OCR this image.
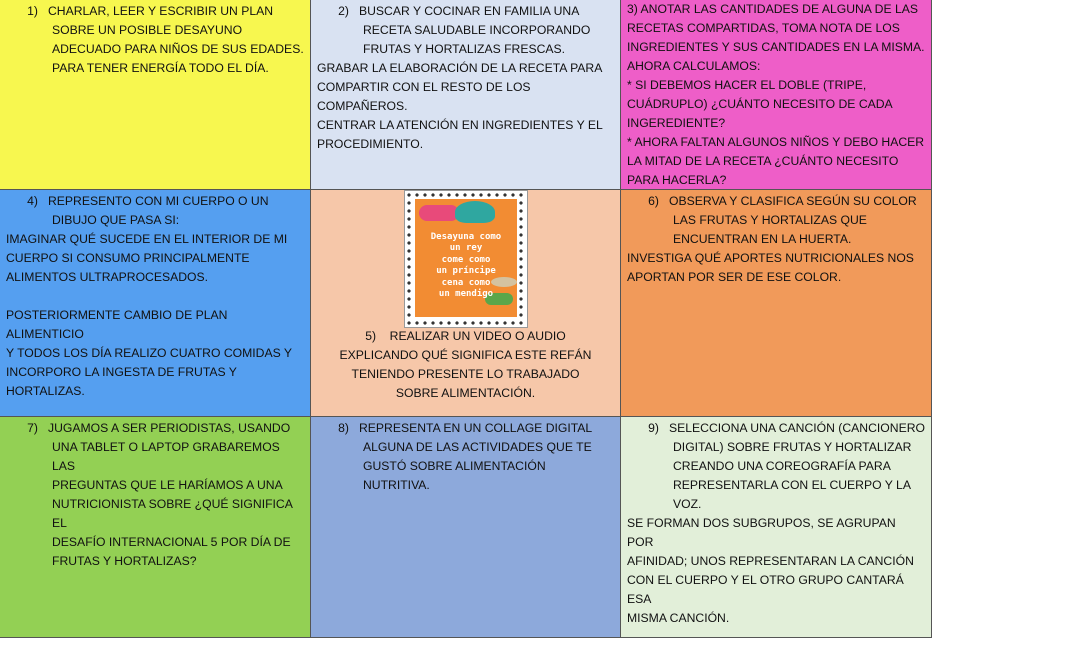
1) CHARLAR, LEER Y ESCRIBIR UN PLAN

SOBRE UN POSIBLE DESAYUNO

ADECUADO PARA NIÑOS DE SUS EDADES.

PARA TENER ENERGÍA TODO EL DÍA.

2) BUSCAR Y COCINAR EN FAMILIA UNA

RECETA SALUDABLE INCORPORANDO

FRUTAS Y HORTALIZAS FRESCAS.

GRABAR LA ELABORACIÓN DE LA RECETA PARA

COMPARTIR CON EL RESTO DE LOS COMPAÑEROS.

CENTRAR LA ATENCIÓN EN INGREDIENTES Y EL

PROCEDIMIENTO.

3) ANOTAR LAS CANTIDADES DE ALGUNA DE LAS

RECETAS COMPARTIDAS, TOMA NOTA DE LOS

INGREDIENTES Y SUS CANTIDADES EN LA MISMA.

AHORA CALCULAMOS:

* SI DEBEMOS HACER EL DOBLE (TRIPE,

CUÁDRUPLO) ¿CUÁNTO NECESITO DE CADA

INGEREDIENTE?

* AHORA FALTAN ALGUNOS NIÑOS Y DEBO HACER

LA MITAD DE LA RECETA ¿CUÁNTO NECESITO

PARA HACERLA?

4) REPRESENTO CON MI CUERPO O UN

DIBUJO QUE PASA SI:

IMAGINAR QUÉ SUCEDE EN EL INTERIOR DE MI

CUERPO SI CONSUMO PRINCIPALMENTE

ALIMENTOS ULTRAPROCESADOS.

POSTERIORMENTE CAMBIO DE PLAN ALIMENTICIO

Y TODOS LOS DÍA REALIZO CUATRO COMIDAS Y

INCORPORO LA INGESTA DE FRUTAS Y

HORTALIZAS.

5) REALIZAR UN VIDEO O AUDIO

EXPLICANDO QUÉ SIGNIFICA ESTE REFÁN

TENIENDO PRESENTE LO TRABAJADO

SOBRE ALIMENTACIÓN.

6) OBSERVA Y CLASIFICA SEGÚN SU COLOR

LAS FRUTAS Y HORTALIZAS QUE

ENCUENTRAN EN LA HUERTA.

INVESTIGA QUÉ APORTES NUTRICIONALES NOS

APORTAN POR SER DE ESE COLOR.

7) JUGAMOS A SER PERIODISTAS, USANDO

UNA TABLET O LAPTOP GRABAREMOS LAS

PREGUNTAS QUE LE HARÍAMOS A UNA

NUTRICIONISTA SOBRE ¿QUÉ SIGNIFICA EL

DESAFÍO INTERNACIONAL 5 POR DÍA DE

FRUTAS Y HORTALIZAS?

8) REPRESENTA EN UN COLLAGE DIGITAL

ALGUNA DE LAS ACTIVIDADES QUE TE

GUSTÓ SOBRE ALIMENTACIÓN NUTRITIVA.

9) SELECCIONA UNA CANCIÓN (CANCIONERO

DIGITAL) SOBRE FRUTAS Y HORTALIZAR

CREANDO UNA COREOGRAFÍA PARA

REPRESENTARLA CON EL CUERPO Y LA

VOZ.

SE FORMAN DOS SUBGRUPOS, SE AGRUPAN POR

AFINIDAD; UNOS REPRESENTARAN LA CANCIÓN

CON EL CUERPO Y EL OTRO GRUPO CANTARÁ ESA

MISMA CANCIÓN.

Desayuna como
un rey
come como
un príncipe
cena como
un mendigo
